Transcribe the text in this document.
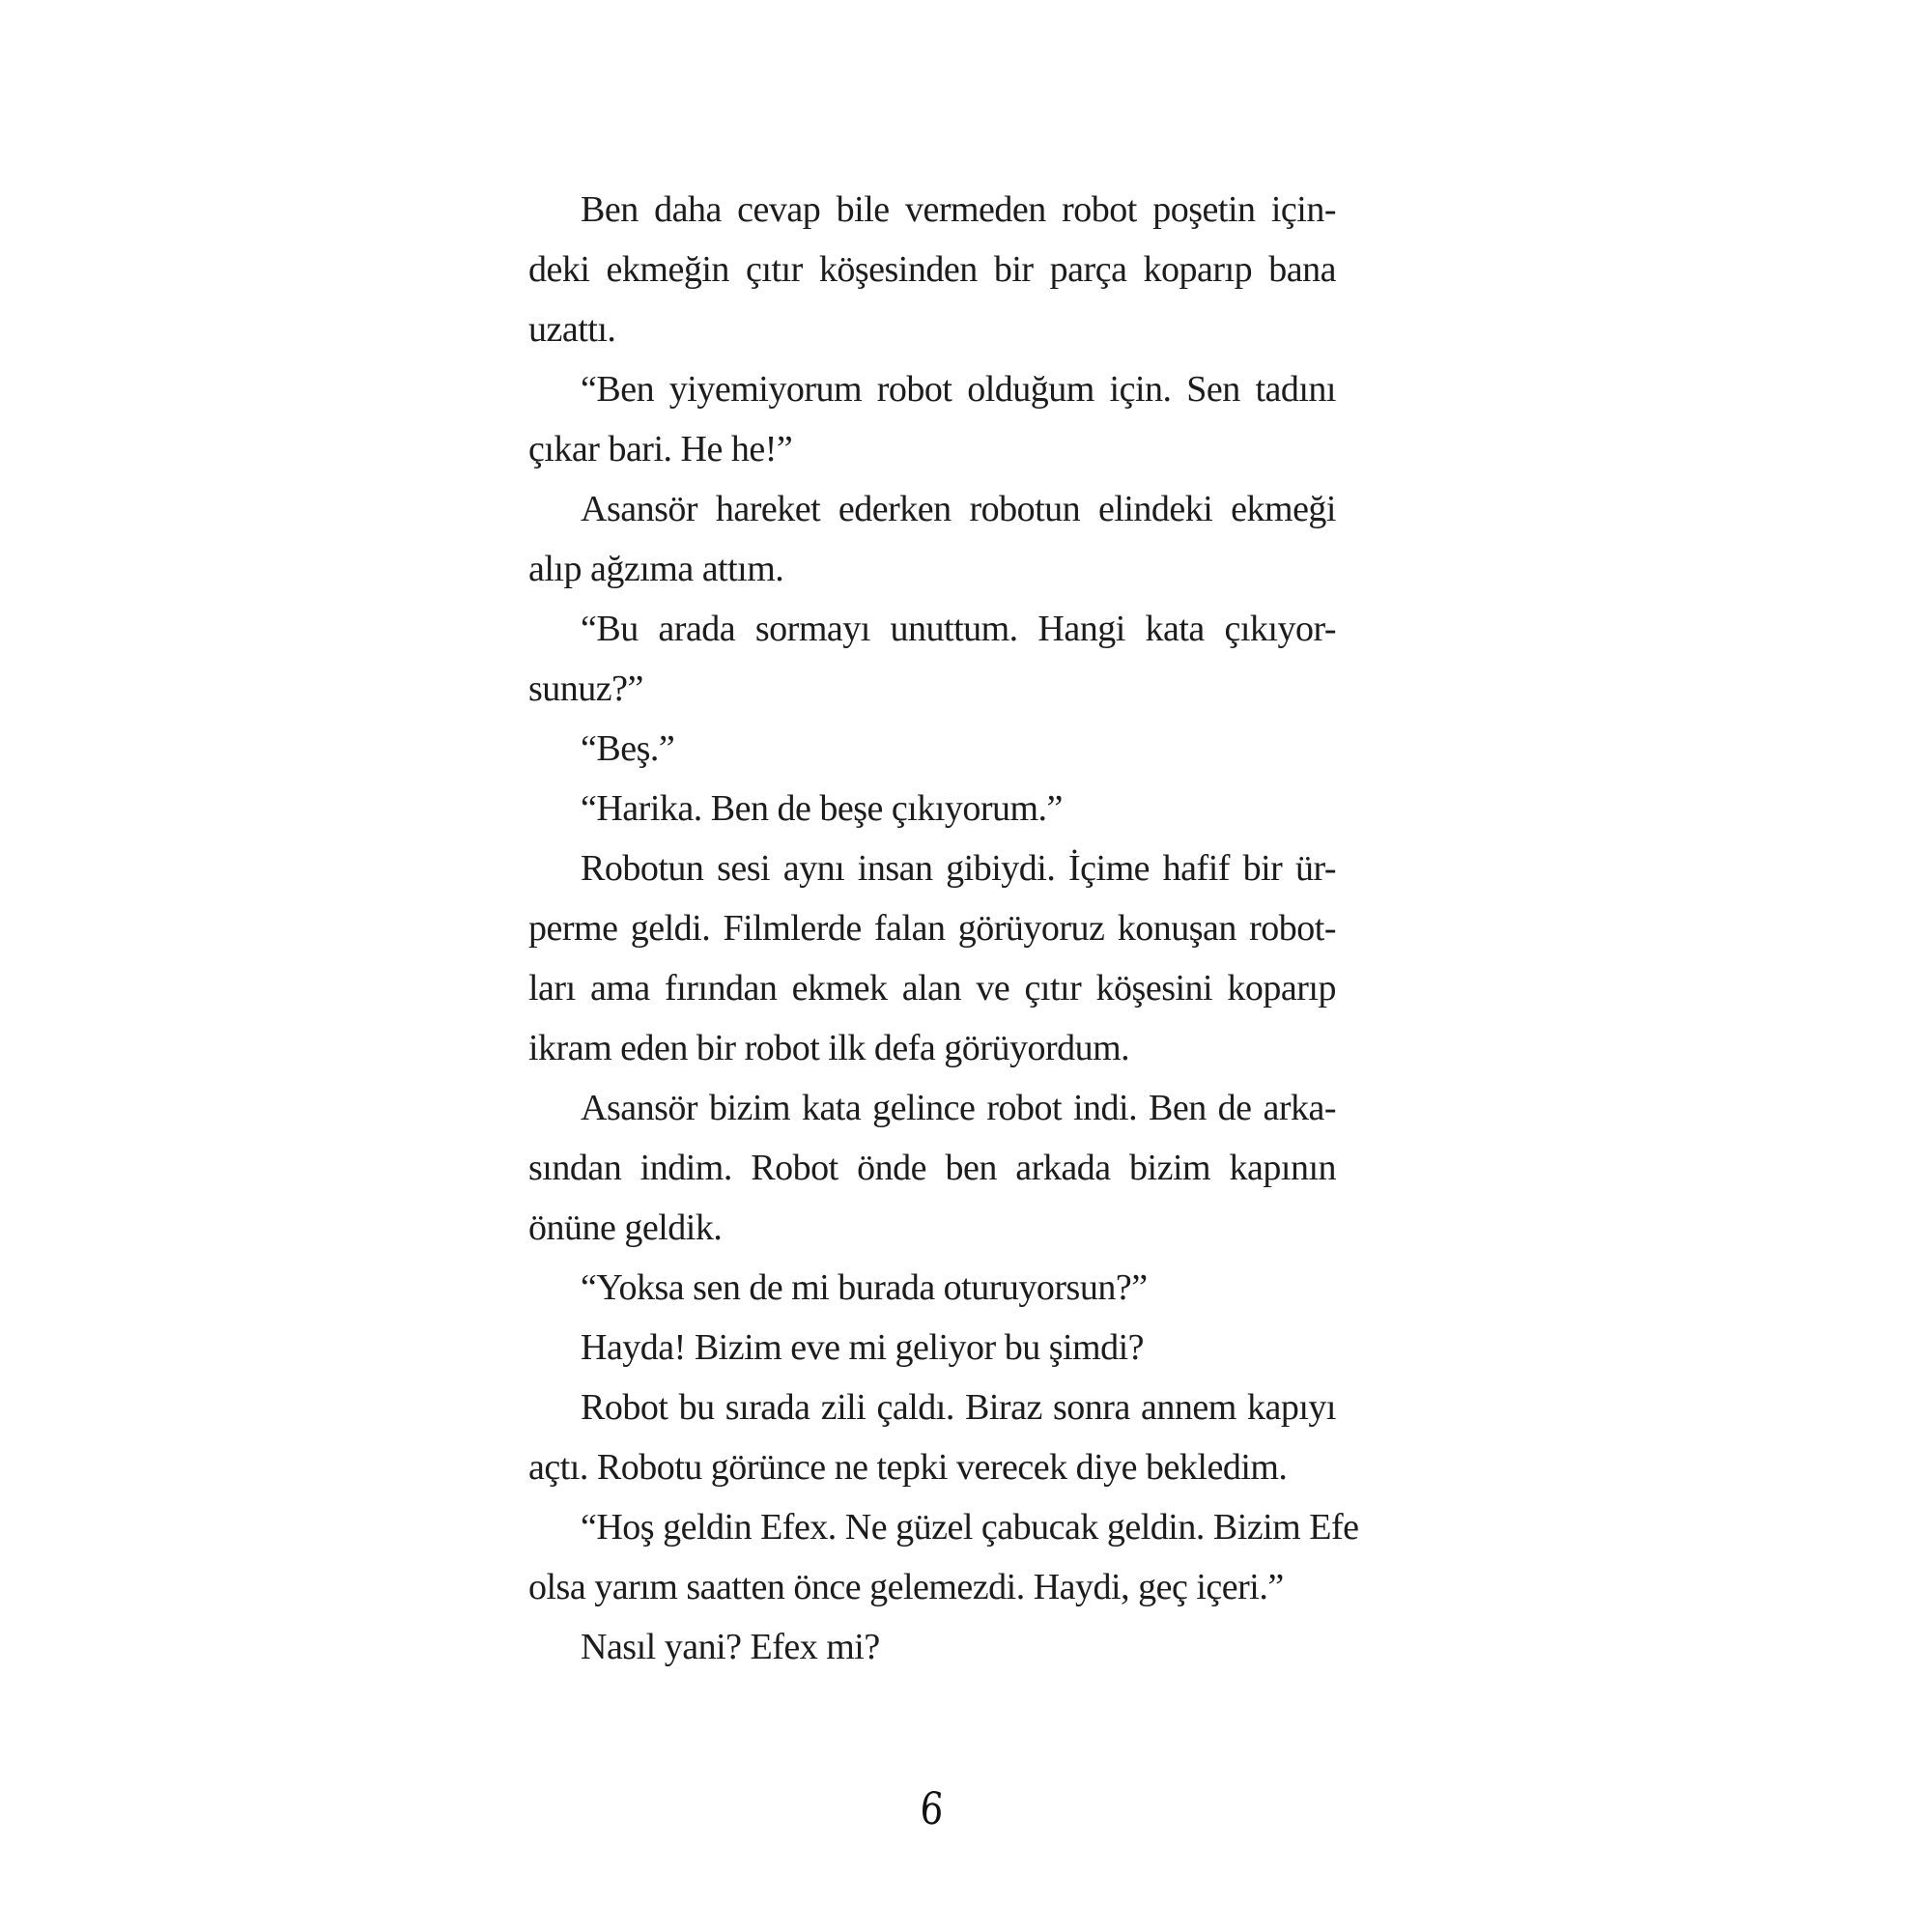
Ben daha cevap bile vermeden robot poşetin için-
deki ekmeğin çıtır köşesinden bir parça koparıp bana
uzattı.
“Ben yiyemiyorum robot olduğum için. Sen tadını
çıkar bari. He he!”
Asansör hareket ederken robotun elindeki ekmeği
alıp ağzıma attım.
“Bu arada sormayı unuttum. Hangi kata çıkıyor-
sunuz?”
“Beş.”
“Harika. Ben de beşe çıkıyorum.”
Robotun sesi aynı insan gibiydi. İçime hafif bir ür-
perme geldi. Filmlerde falan görüyoruz konuşan robot-
ları ama fırından ekmek alan ve çıtır köşesini koparıp
ikram eden bir robot ilk defa görüyordum.
Asansör bizim kata gelince robot indi. Ben de arka-
sından indim. Robot önde ben arkada bizim kapının
önüne geldik.
“Yoksa sen de mi burada oturuyorsun?”
Hayda! Bizim eve mi geliyor bu şimdi?
Robot bu sırada zili çaldı. Biraz sonra annem kapıyı
açtı. Robotu görünce ne tepki verecek diye bekledim.
“Hoş geldin Efex. Ne güzel çabucak geldin. Bizim Efe
olsa yarım saatten önce gelemezdi. Haydi, geç içeri.”
Nasıl yani? Efex mi?
6
